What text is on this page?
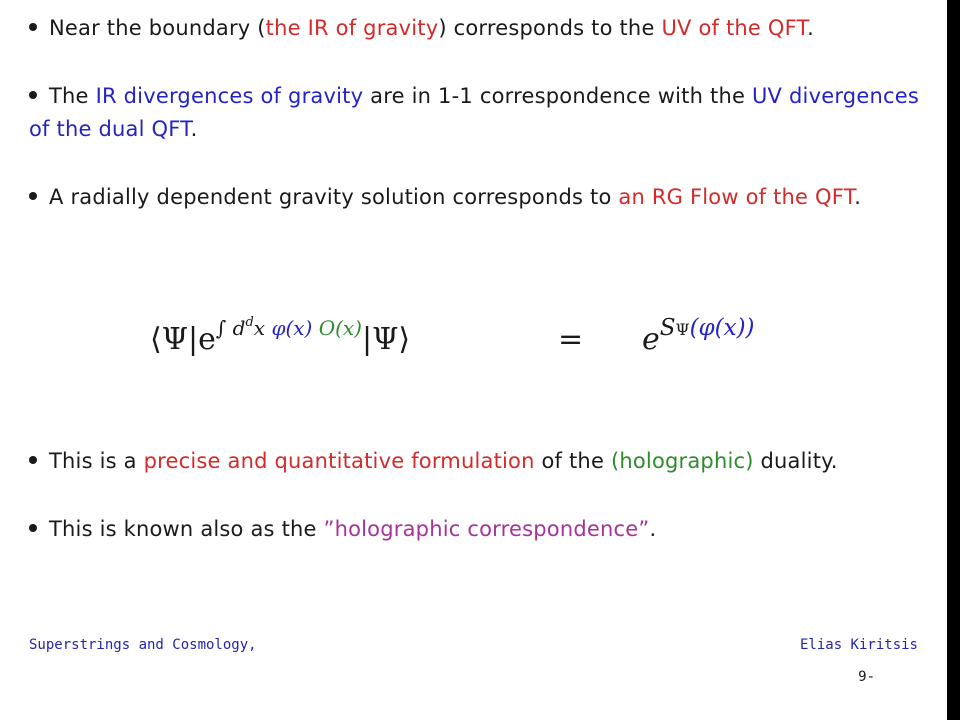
Near the boundary (the IR of gravity) corresponds to the UV of the QFT.
The IR divergences of gravity are in 1-1 correspondence with the UV divergences of the dual QFT.
A radially dependent gravity solution corresponds to an RG Flow of the QFT.
$⟨\Psi|e^{\int d^dx \varphi(x) O(x)}|\Psi⟩$	= $e^{S\Psi(\varphi(x))}$
This is a precise and quantitative formulation of the (holographic) duality.
This is known also as the ”holographic correspondence”.
Superstrings and Cosmology,	Elias Kiritsis
9-
